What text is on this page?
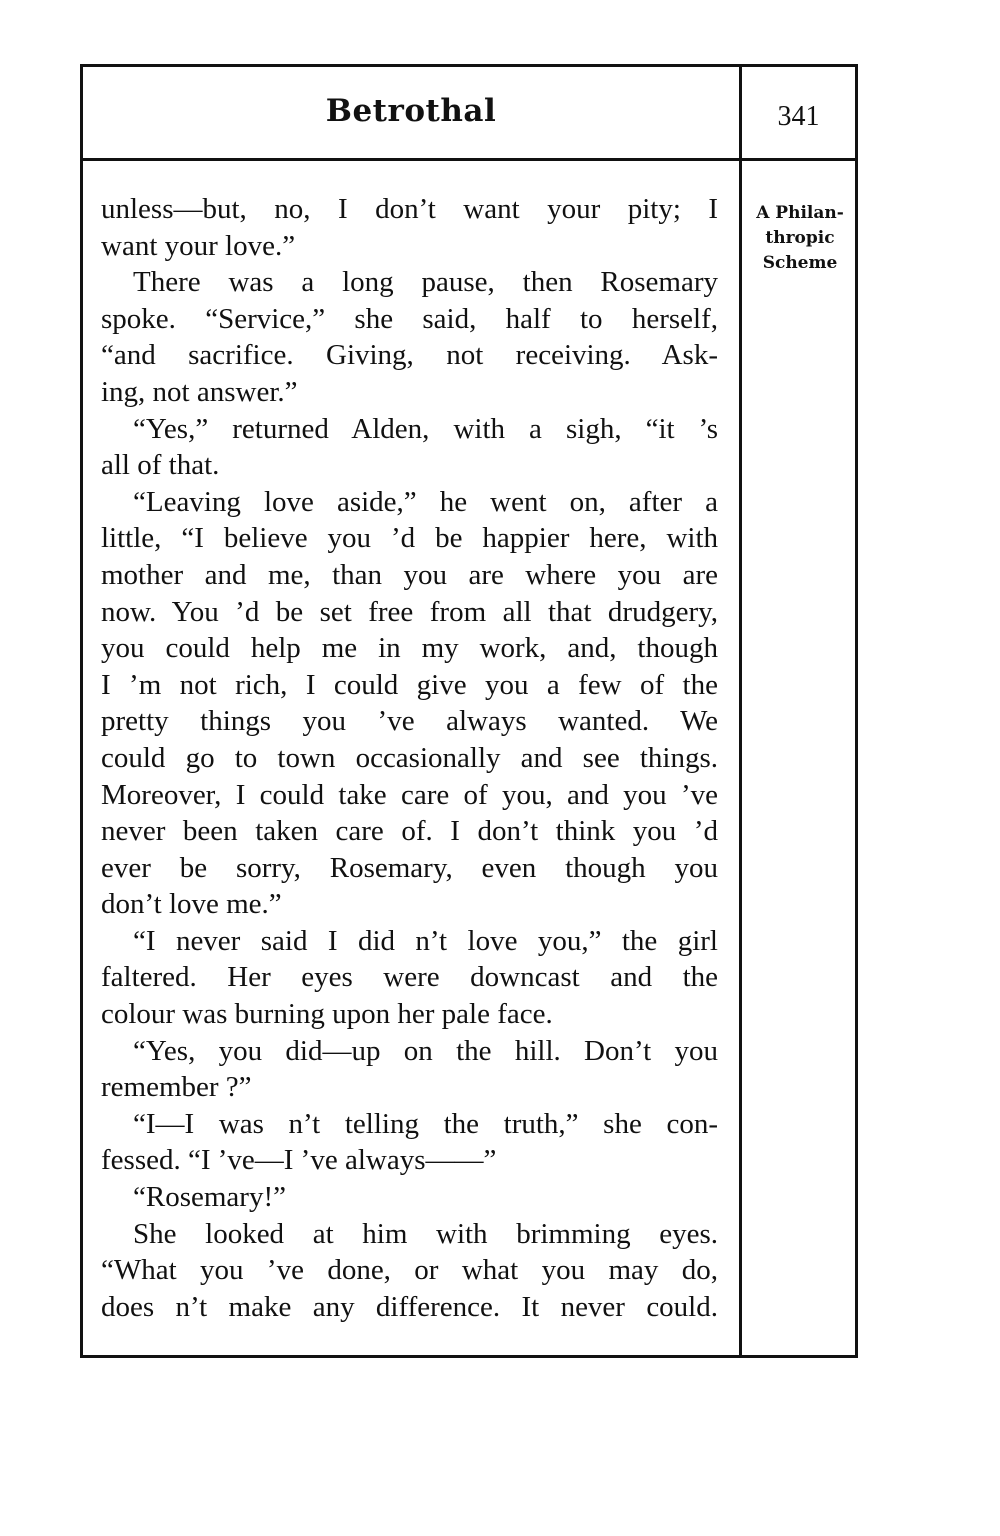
Betrothal	341
A Philan-
thropic
Scheme
unless—but, no, I don’t want your pity; I
want your love.”
There was a long pause, then Rosemary
spoke. “Service,” she said, half to herself,
“and sacrifice. Giving, not receiving. Ask-
ing, not answer.”
“Yes,” returned Alden, with a sigh, “it ’s
all of that.
“Leaving love aside,” he went on, after a
little, “I believe you ’d be happier here, with
mother and me, than you are where you are
now. You ’d be set free from all that drudgery,
you could help me in my work, and, though
I ’m not rich, I could give you a few of the
pretty things you ’ve always wanted. We
could go to town occasionally and see things.
Moreover, I could take care of you, and you ’ve
never been taken care of. I don’t think you ’d
ever be sorry, Rosemary, even though you
don’t love me.”
“I never said I did n’t love you,” the girl
faltered. Her eyes were downcast and the
colour was burning upon her pale face.
“Yes, you did—up on the hill. Don’t you
remember ?”
“I—I was n’t telling the truth,” she con-
fessed. “I ’ve—I ’ve always——”
“Rosemary!”
She looked at him with brimming eyes.
“What you ’ve done, or what you may do,
does n’t make any difference. It never could.
